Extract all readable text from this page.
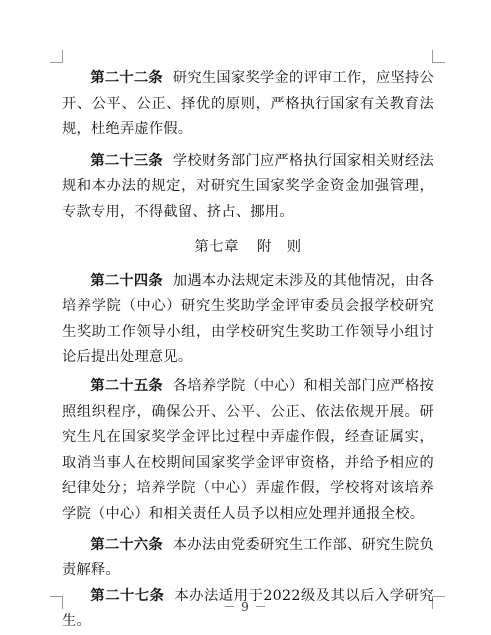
第二十二条 研究生国家奖学金的评审工作，应坚持公开、公平、公正、择优的原则，严格执行国家有关教育法规，杜绝弄虚作假。

第二十三条 学校财务部门应严格执行国家相关财经法规和本办法的规定，对研究生国家奖学金资金加强管理，专款专用，不得截留、挤占、挪用。

第七章 附　则

第二十四条 加遇本办法规定未涉及的其他情况，由各培养学院（中心）研究生奖助学金评审委员会报学校研究生奖助工作领导小组，由学校研究生奖助工作领导小组讨论后提出处理意见。

第二十五条 各培养学院（中心）和相关部门应严格按照组织程序，确保公开、公平、公正、依法依规开展。研究生凡在国家奖学金评比过程中弄虚作假，经查证属实，取消当事人在校期间国家奖学金评审资格，并给予相应的纪律处分；培养学院（中心）弄虚作假，学校将对该培养学院（中心）和相关责任人员予以相应处理并通报全校。

第二十六条 本办法由党委研究生工作部、研究生院负责解释。

第二十七条 本办法适用于2022级及其以后入学研究生。

－ 9 －
